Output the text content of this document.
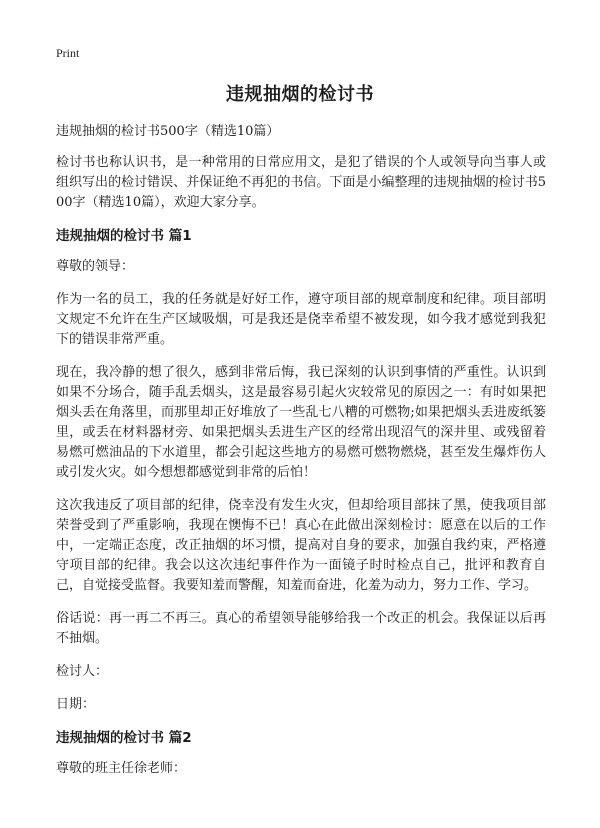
Print
违规抽烟的检讨书

违规抽烟的检讨书500字（精选10篇）

检讨书也称认识书，是一种常用的日常应用文，是犯了错误的个人或领导向当事人或组织写出的检讨错误、并保证绝不再犯的书信。下面是小编整理的违规抽烟的检讨书500字（精选10篇），欢迎大家分享。

违规抽烟的检讨书 篇1

尊敬的领导：

作为一名的员工，我的任务就是好好工作，遵守项目部的规章制度和纪律。项目部明文规定不允许在生产区域吸烟，可是我还是侥幸希望不被发现，如今我才感觉到我犯下的错误非常严重。

现在，我冷静的想了很久，感到非常后悔，我已深刻的认识到事情的严重性。认识到如果不分场合，随手乱丢烟头，这是最容易引起火灾较常见的原因之一：有时如果把烟头丢在角落里，而那里却正好堆放了一些乱七八糟的可燃物;如果把烟头丢进废纸篓里，或丢在材料器材旁、如果把烟头丢进生产区的经常出现沼气的深井里、或残留着易燃可燃油品的下水道里，都会引起这些地方的易燃可燃物燃烧，甚至发生爆炸伤人或引发火灾。如今想想都感觉到非常的后怕！

这次我违反了项目部的纪律，侥幸没有发生火灾，但却给项目部抹了黑，使我项目部荣誉受到了严重影响，我现在懊悔不已！真心在此做出深刻检讨：愿意在以后的工作中，一定端正态度，改正抽烟的坏习惯，提高对自身的要求，加强自我约束，严格遵守项目部的纪律。我会以这次违纪事件作为一面镜子时时检点自己，批评和教育自己，自觉接受监督。我要知羞而警醒，知羞而奋进，化羞为动力，努力工作、学习。

俗话说：再一再二不再三。真心的希望领导能够给我一个改正的机会。我保证以后再不抽烟。

检讨人：

日期：

违规抽烟的检讨书 篇2

尊敬的班主任徐老师：
